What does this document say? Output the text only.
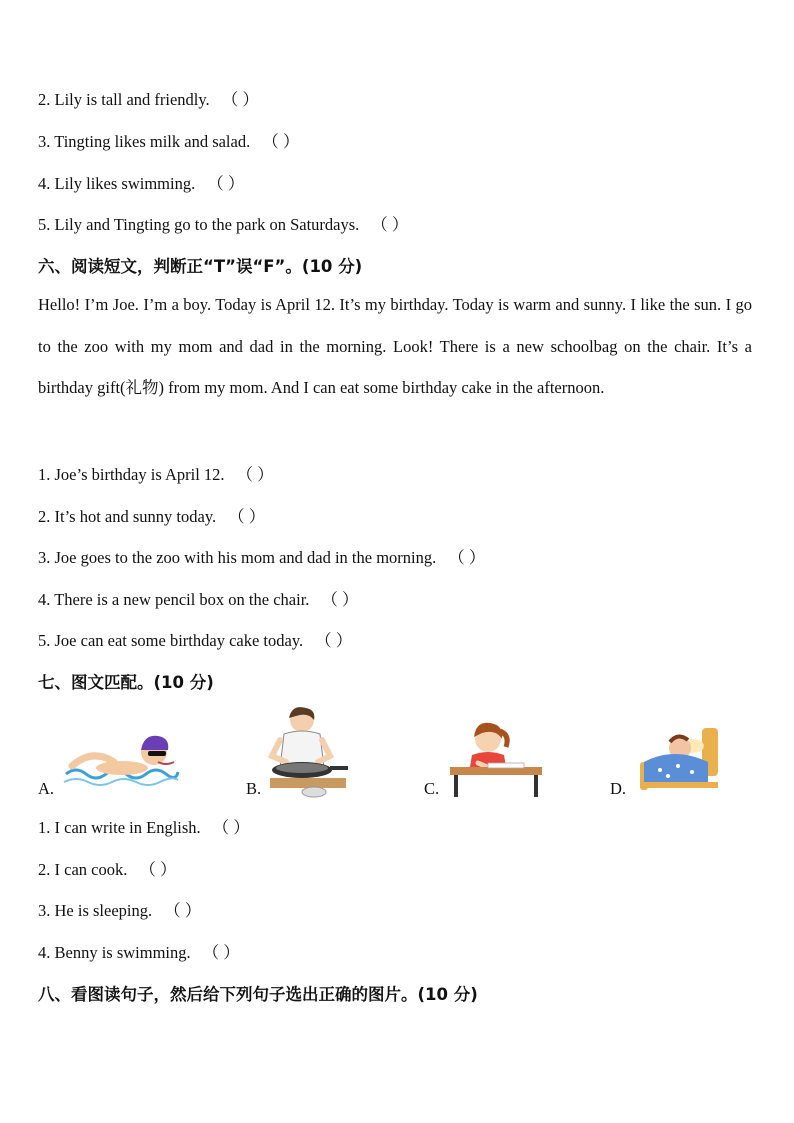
2. Lily is tall and friendly. （ ）
3. Tingting likes milk and salad. （ ）
4. Lily likes swimming. （ ）
5. Lily and Tingting go to the park on Saturdays. （ ）
六、阅读短文，判断正“T”误“F”。(10 分)
Hello! I’m Joe. I’m a boy. Today is April 12. It’s my birthday. Today is warm and sunny. I like the sun. I go to the zoo with my mom and dad in the morning. Look! There is a new schoolbag on the chair. It’s a birthday gift(礼物) from my mom. And I can eat some birthday cake in the afternoon.
1. Joe’s birthday is April 12. （ ）
2. It’s hot and sunny today. （ ）
3. Joe goes to the zoo with his mom and dad in the morning. （ ）
4. There is a new pencil box on the chair. （ ）
5. Joe can eat some birthday cake today. （ ）
七、图文匹配。(10 分)
A.	B.	C.	D.
1. I can write in English. （ ）
2. I can cook. （ ）
3. He is sleeping. （ ）
4. Benny is swimming. （ ）
八、看图读句子，然后给下列句子选出正确的图片。(10 分)
